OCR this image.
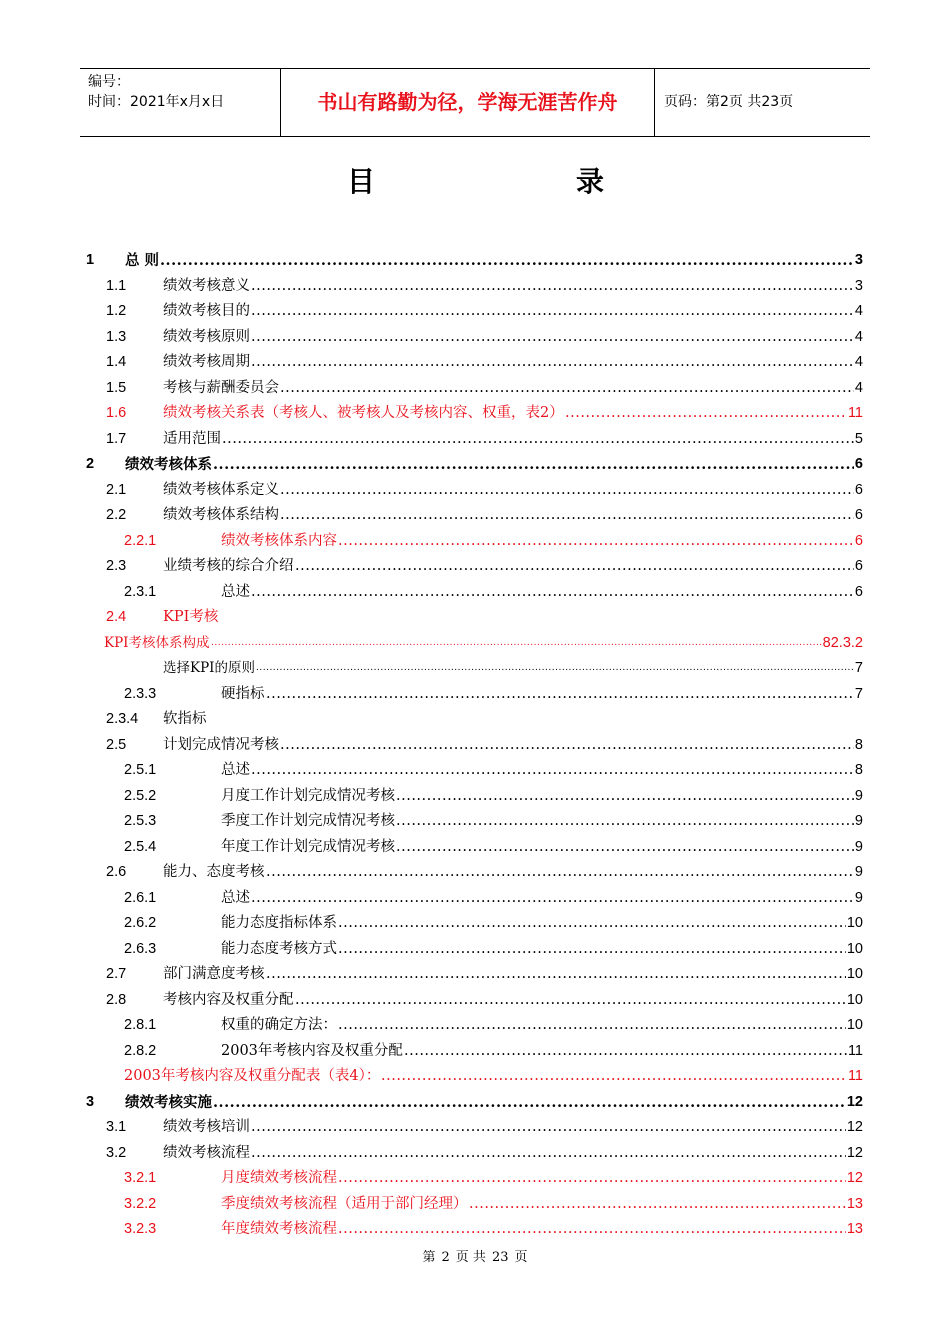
编号：
时间：2021年x月x日	书山有路勤为径，学海无涯苦作舟	页码：第2页 共23页
目	录
1 总 则 .....	3
1.1	绩效考核意义 .....	3
1.2	绩效考核目的 .....	4
1.3	绩效考核原则 .....	4
1.4	绩效考核周期 .....	4
1.5	考核与薪酬委员会 .....	4
1.6	绩效考核关系表（考核人、被考核人及考核内容、权重，表2） .....	11
1.7	适用范围 .....	5
2 绩效考核体系 .....	6
2.1	绩效考核体系定义 .....	6
2.2	绩效考核体系结构 .....	6
2.2.1	绩效考核体系内容 .....	6
2.3	业绩考核的综合介绍 .....	6
2.3.1	总述 .....	6
2.4	KPI考核
KPI考核体系构成 .....	82.3.2
选择KPI的原则 .....	7
2.3.3	硬指标 .....	7
2.3.4 软指标
2.5	计划完成情况考核 .....	8
2.5.1	总述 .....	8
2.5.2	月度工作计划完成情况考核 .....	9
2.5.3	季度工作计划完成情况考核 .....	9
2.5.4	年度工作计划完成情况考核 .....	9
2.6	能力、态度考核 .....	9
2.6.1	总述 .....	9
2.6.2	能力态度指标体系 .....	10
2.6.3	能力态度考核方式 .....	10
2.7	部门满意度考核 .....	10
2.8	考核内容及权重分配 .....	10
2.8.1	权重的确定方法： .....	10
2.8.2	2003年考核内容及权重分配 .....	11
2003年考核内容及权重分配表（表4）： .....	11
3 绩效考核实施 .....	12
3.1	绩效考核培训 .....	12
3.2	绩效考核流程 .....	12
3.2.1	月度绩效考核流程 .....	12
3.2.2	季度绩效考核流程（适用于部门经理） .....	13
3.2.3	年度绩效考核流程 .....	13
第 2 页 共 23 页
